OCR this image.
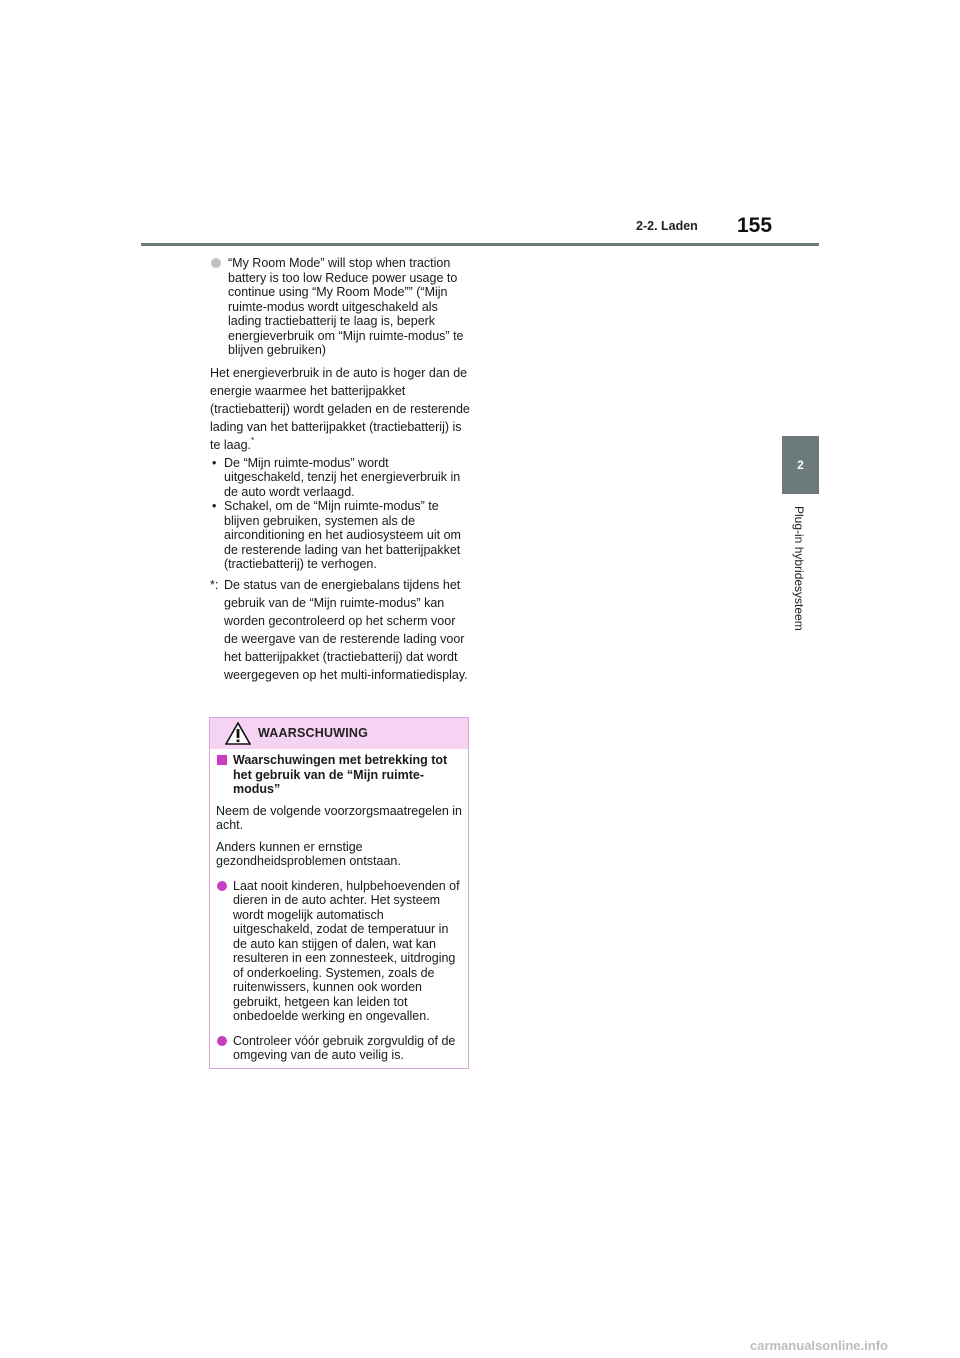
2-2. Laden 155
2
Plug-in hybridesysteem
“My Room Mode” will stop when traction battery is too low Reduce power usage to continue using “My Room Mode”” (“Mijn ruimte-modus wordt uitgeschakeld als lading tractiebatterij te laag is, beperk energieverbruik om “Mijn ruimte-modus” te blijven gebruiken)

Het energieverbruik in de auto is hoger dan de energie waarmee het batterijpakket (tractiebatterij) wordt geladen en de resterende lading van het batterijpakket (tractiebatterij) is te laag.*

• De “Mijn ruimte-modus” wordt uitgeschakeld, tenzij het energieverbruik in de auto wordt verlaagd.
• Schakel, om de “Mijn ruimte-modus” te blijven gebruiken, systemen als de airconditioning en het audiosysteem uit om de resterende lading van het batterijpakket (tractiebatterij) te verhogen.
*: De status van de energiebalans tijdens het gebruik van de “Mijn ruimte-modus” kan worden gecontroleerd op het scherm voor de weergave van de resterende lading voor het batterijpakket (tractiebatterij) dat wordt weergegeven op het multi-informatiedisplay.
WAARSCHUWING
Waarschuwingen met betrekking tot het gebruik van de “Mijn ruimte-modus”

Neem de volgende voorzorgsmaatregelen in acht.

Anders kunnen er ernstige gezondheidsproblemen ontstaan.

Laat nooit kinderen, hulpbehoevenden of dieren in de auto achter. Het systeem wordt mogelijk automatisch uitgeschakeld, zodat de temperatuur in de auto kan stijgen of dalen, wat kan resulteren in een zonnesteek, uitdroging of onderkoeling. Systemen, zoals de ruitenwissers, kunnen ook worden gebruikt, hetgeen kan leiden tot onbedoelde werking en ongevallen.
Controleer vóór gebruik zorgvuldig of de omgeving van de auto veilig is.
carmanualsonline.info
